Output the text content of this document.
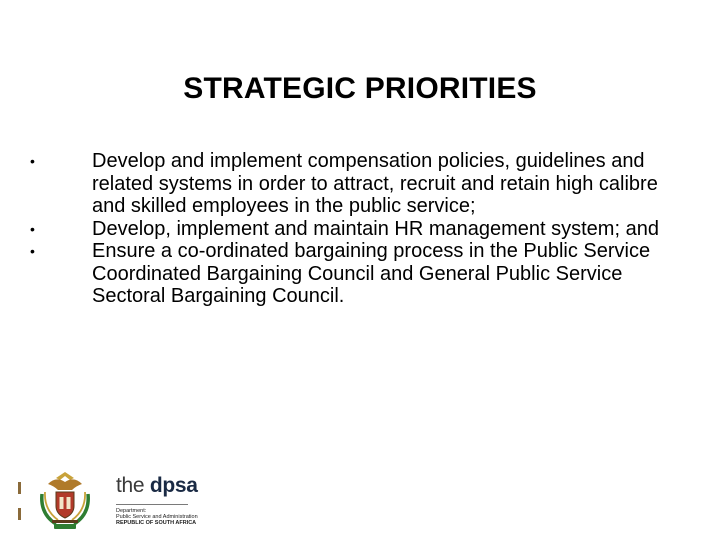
STRATEGIC PRIORITIES
•	Develop and implement compensation policies, guidelines and related systems in order to attract, recruit and retain high calibre and skilled employees in the public service;
•	Develop, implement and maintain HR management system; and
•	Ensure a co-ordinated bargaining process in the Public Service Coordinated Bargaining Council and General Public Service Sectoral Bargaining Council.
the dpsa
Department:
Public Service and Administration
REPUBLIC OF SOUTH AFRICA
